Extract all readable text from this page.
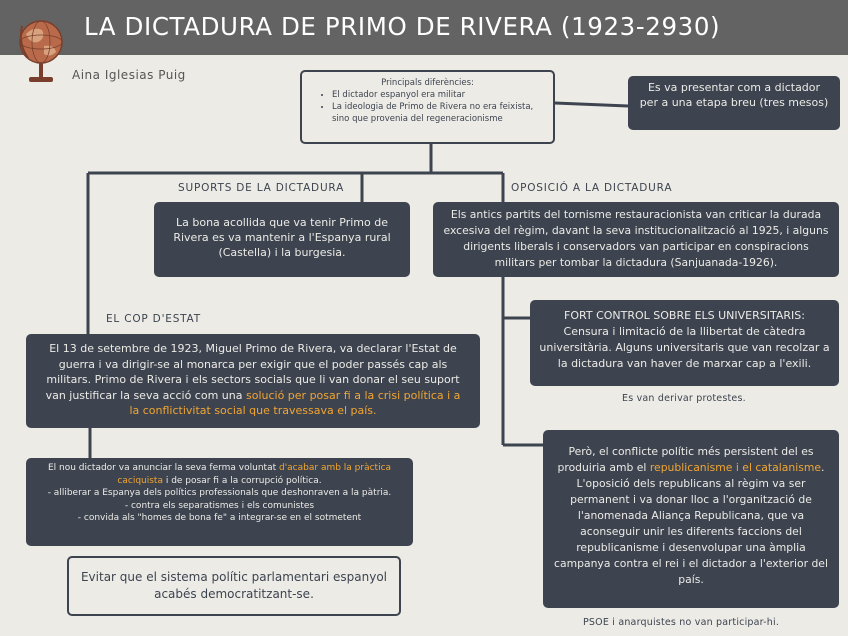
LA DICTADURA DE PRIMO DE RIVERA (1923-2930)
Aina Iglesias Puig
Principals diferències:
• El dictador espanyol era militar
• La ideologia de Primo de Rivera no era feixista, sino que provenia del regeneracionisme
Es va presentar com a dictador per a una etapa breu (tres mesos)
SUPORTS DE LA DICTADURA	OPOSICIÓ A LA DICTADURA
EL COP D'ESTAT
La bona acollida que va tenir Primo de Rivera es va mantenir a l'Espanya rural (Castella) i la burgesia.
Els antics partits del tornisme restauracionista van criticar la durada excesiva del règim, davant la seva institucionalització al 1925, i alguns dirigents liberals i conservadors van participar en conspiracions militars per tombar la dictadura (Sanjuanada-1926).
FORT CONTROL SOBRE ELS UNIVERSITARIS:
Censura i limitació de la llibertat de càtedra universitària. Alguns universitaris que van recolzar a la dictadura van haver de marxar cap a l'exili.
Es van derivar protestes.
El 13 de setembre de 1923, Miguel Primo de Rivera, va declarar l'Estat de guerra i va dirigir-se al monarca per exigir que el poder passés cap als militars. Primo de Rivera i els sectors socials que li van donar el seu suport van justificar la seva acció com una solució per posar fi a la crisi política i a la conflictivitat social que travessava el país.
El nou dictador va anunciar la seva ferma voluntat d'acabar amb la pràctica caciquista i de posar fi a la corrupció política.
- alliberar a Espanya dels polítics professionals que deshonraven a la pàtria.
- contra els separatismes i els comunistes
- convida als "homes de bona fe" a integrar-se en el sotmetent
Evitar que el sistema polític parlamentari espanyol acabés democratitzant-se.
Però, el conflicte polític més persistent del es produiria amb el republicanisme i el catalanisme. L'oposició dels republicans al règim va ser permanent i va donar lloc a l'organització de l'anomenada Aliança Republicana, que va aconseguir unir les diferents faccions del republicanisme i desenvolupar una àmplia campanya contra el rei i el dictador a l'exterior del país.
PSOE i anarquistes no van participar-hi.
